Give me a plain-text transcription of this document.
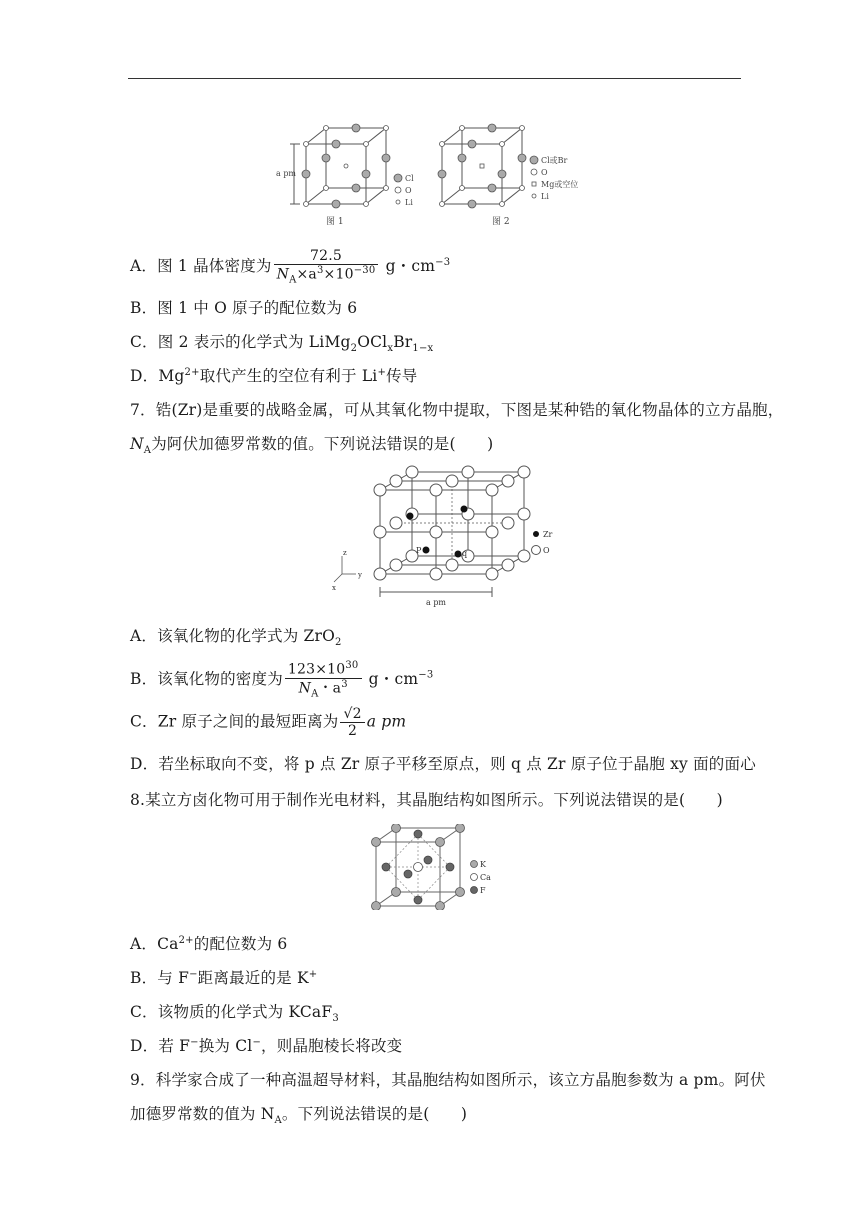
a pm
Cl
O
Li
Cl或Br
O
Mg或空位
Li
图 1	图 2
A．图 1 晶体密度为 $\frac{72.5}{N_A\times a^3\times 10^{-30}}$ g・$cm^{-3}$
B．图 1 中 O 原子的配位数为 6
C．图 2 表示的化学式为 $LiMg_2OCl_xBr_{1-x}$
D．$Mg^{2+}$取代产生的空位有利于 Li+传导
7．锆(Zr)是重要的战略金属，可从其氧化物中提取，下图是某种锆的氧化物晶体的立方晶胞，
$N_A$为阿伏加德罗常数的值。下列说法错误的是(　　)
P	q
z
y
x
Zr
O
a pm
A．该氧化物的化学式为 ZrO$_2$
B．该氧化物的密度为 $\frac{123\times 10^{30}}{N_A・a^3}$ g・$cm^{-3}$
C．Zr 原子之间的最短距离为 $\frac{√2}{2}$ a pm
D．若坐标取向不变，将 p 点 Zr 原子平移至原点，则 q 点 Zr 原子位于晶胞 xy 面的面心
8.某立方卤化物可用于制作光电材料，其晶胞结构如图所示。下列说法错误的是(　　)
K
Ca
F
A．$Ca^{2+}$的配位数为 6
B．与 F−距离最近的是 K+
C．该物质的化学式为 KCaF$_3$
D．若 F−换为 Cl−，则晶胞棱长将改变
9．科学家合成了一种高温超导材料，其晶胞结构如图所示，该立方晶胞参数为 a pm。阿伏
加德罗常数的值为 $N_A$。下列说法错误的是(　　)
